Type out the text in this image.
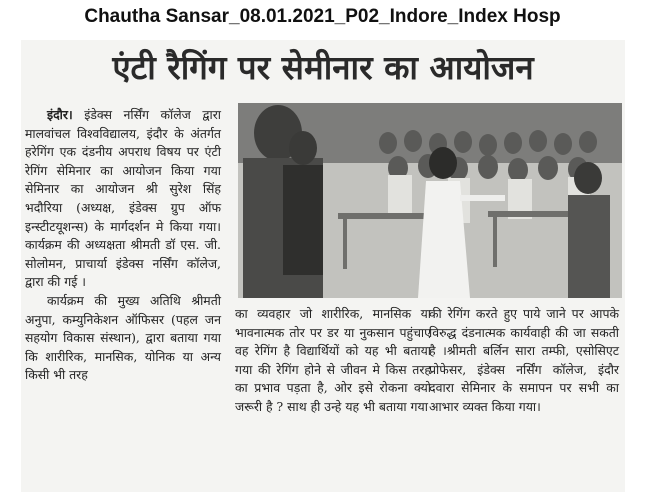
Chautha Sansar_08.01.2021_P02_Indore_Index Hosp
एंटी रैगिंग पर सेमीनार का आयोजन

इंदौर। इंडेक्स नर्सिंग कॉलेज द्वारा मालवांचल विश्वविद्यालय, इंदौर के अंतर्गत हरेगिंग एक दंडनीय अपराध विषय पर एंटी रेगिंग सेमिनार का आयोजन किया गया सेमिनार का आयोजन श्री सुरेश सिंह भदौरिया (अध्यक्ष, इंडेक्स ग्रुप ऑफ इन्स्टीटयूशन्स) के मार्गदर्शन मे किया गया। कार्यक्रम की अध्यक्षता श्रीमती डॉ एस. जी. सोलोमन, प्राचार्या इंडेक्स नर्सिंग कॉलेज, द्वारा की गई ।

कार्यक्रम की मुख्य अतिथि श्रीमती अनुपा, कम्युनिकेशन ऑफिसर (पहल जन सहयोग विकास संस्थान), द्वारा बताया गया कि शारीरिक, मानसिक, योनिक या अन्य किसी भी तरह

का व्यवहार जो शारीरिक, मानसिक या भावनात्मक तोर पर डर या नुकसान पहुंचाए वह रेगिंग है विद्यार्थियों को यह भी बताया गया की रेगिंग होने से जीवन मे किस तरह का प्रभाव पड़ता है, ओर इसे रोकना क्यो जरूरी है ? साथ ही उन्हे यह भी बताया गया

की रेगिंग करते हुए पाये जाने पर आपके विरुद्ध दंडनात्मक कार्यवाही की जा सकती है ।श्रीमती बर्लिन सारा तम्फी, एसोसिएट प्रोफेसर, इंडेक्स नर्सिंग कॉलेज, इंदौर दवारा सेमिनार के समापन पर सभी का आभार व्यक्त किया गया।
